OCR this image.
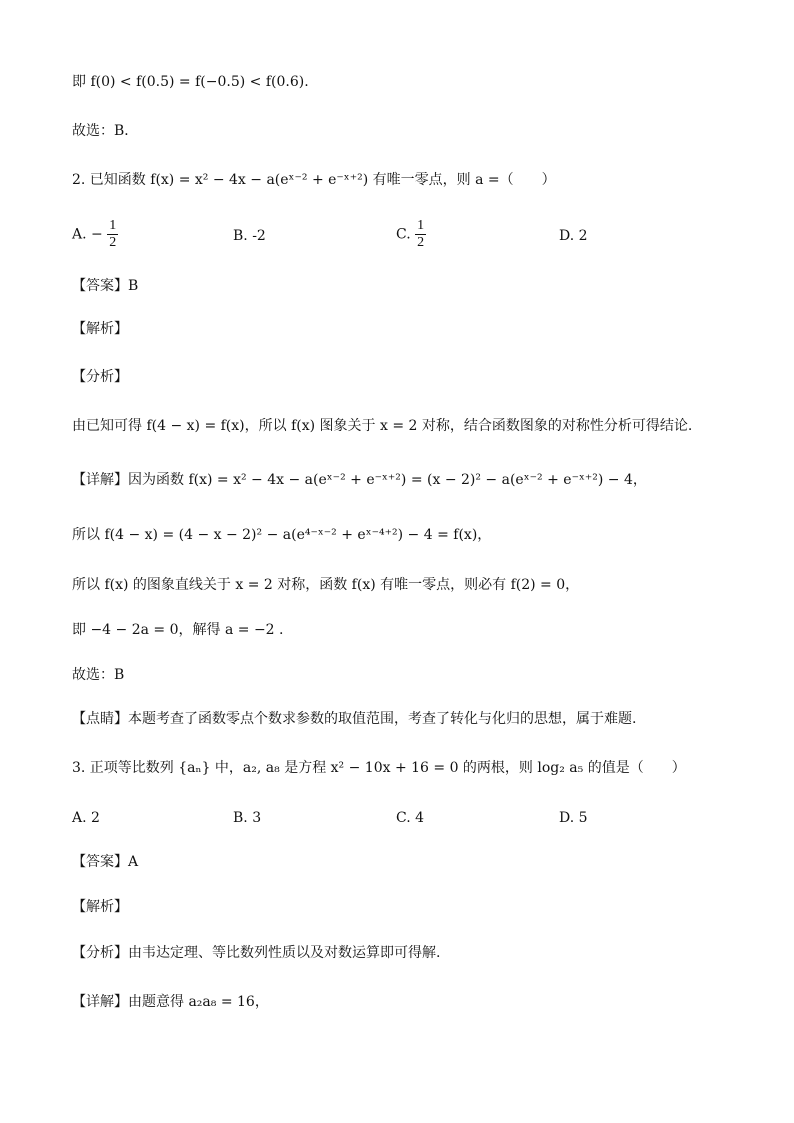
即 f(0) < f(0.5) = f(−0.5) < f(0.6).
故选：B．
2. 已知函数 f(x) = x² − 4x − a(eˣ⁻² + e⁻ˣ⁺²) 有唯一零点，则 a =（　　）
A. − $\frac{1}{2}$	B. -2	C. $\frac{1}{2}$	D. 2
【答案】B
【解析】
【分析】
由已知可得 f(4 − x) = f(x)，所以 f(x) 图象关于 x = 2 对称，结合函数图象的对称性分析可得结论.
【详解】因为函数 f(x) = x² − 4x − a(eˣ⁻² + e⁻ˣ⁺²) = (x − 2)² − a(eˣ⁻² + e⁻ˣ⁺²) − 4，
所以 f(4 − x) = (4 − x − 2)² − a(e⁴⁻ˣ⁻² + eˣ⁻⁴⁺²) − 4 = f(x)，
所以 f(x) 的图象直线关于 x = 2 对称，函数 f(x) 有唯一零点，则必有 f(2) = 0，
即 −4 − 2a = 0，解得 a = −2 .
故选：B
【点睛】本题考查了函数零点个数求参数的取值范围，考查了转化与化归的思想，属于难题.
3. 正项等比数列 {aₙ} 中，a₂, a₈ 是方程 x² − 10x + 16 = 0 的两根，则 log₂ a₅ 的值是（　　）
A. 2	B. 3	C. 4	D. 5
【答案】A
【解析】
【分析】由韦达定理、等比数列性质以及对数运算即可得解.
【详解】由题意得 a₂a₈ = 16，
